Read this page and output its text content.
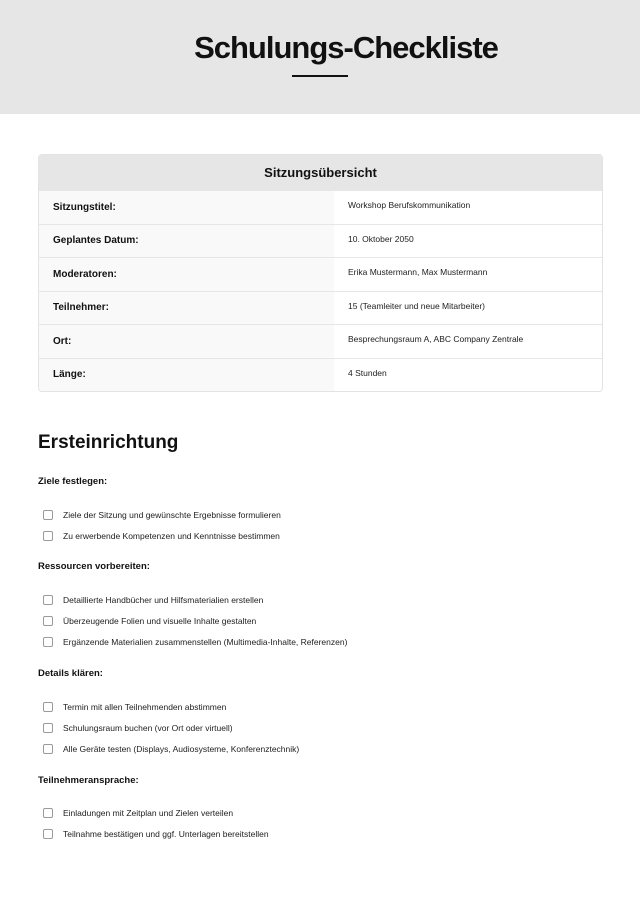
Schulungs-Checkliste
Sitzungsübersicht
Sitzungstitel:	Workshop Berufskommunikation
Geplantes Datum:	10. Oktober 2050
Moderatoren:	Erika Mustermann, Max Mustermann
Teilnehmer:	15 (Teamleiter und neue Mitarbeiter)
Ort:	Besprechungsraum A, ABC Company Zentrale
Länge:	4 Stunden
Ersteinrichtung
Ziele festlegen:
Ziele der Sitzung und gewünschte Ergebnisse formulieren
Zu erwerbende Kompetenzen und Kenntnisse bestimmen
Ressourcen vorbereiten:
Detaillierte Handbücher und Hilfsmaterialien erstellen
Überzeugende Folien und visuelle Inhalte gestalten
Ergänzende Materialien zusammenstellen (Multimedia-Inhalte, Referenzen)
Details klären:
Termin mit allen Teilnehmenden abstimmen
Schulungsraum buchen (vor Ort oder virtuell)
Alle Geräte testen (Displays, Audiosysteme, Konferenztechnik)
Teilnehmeransprache:
Einladungen mit Zeitplan und Zielen verteilen
Teilnahme bestätigen und ggf. Unterlagen bereitstellen
